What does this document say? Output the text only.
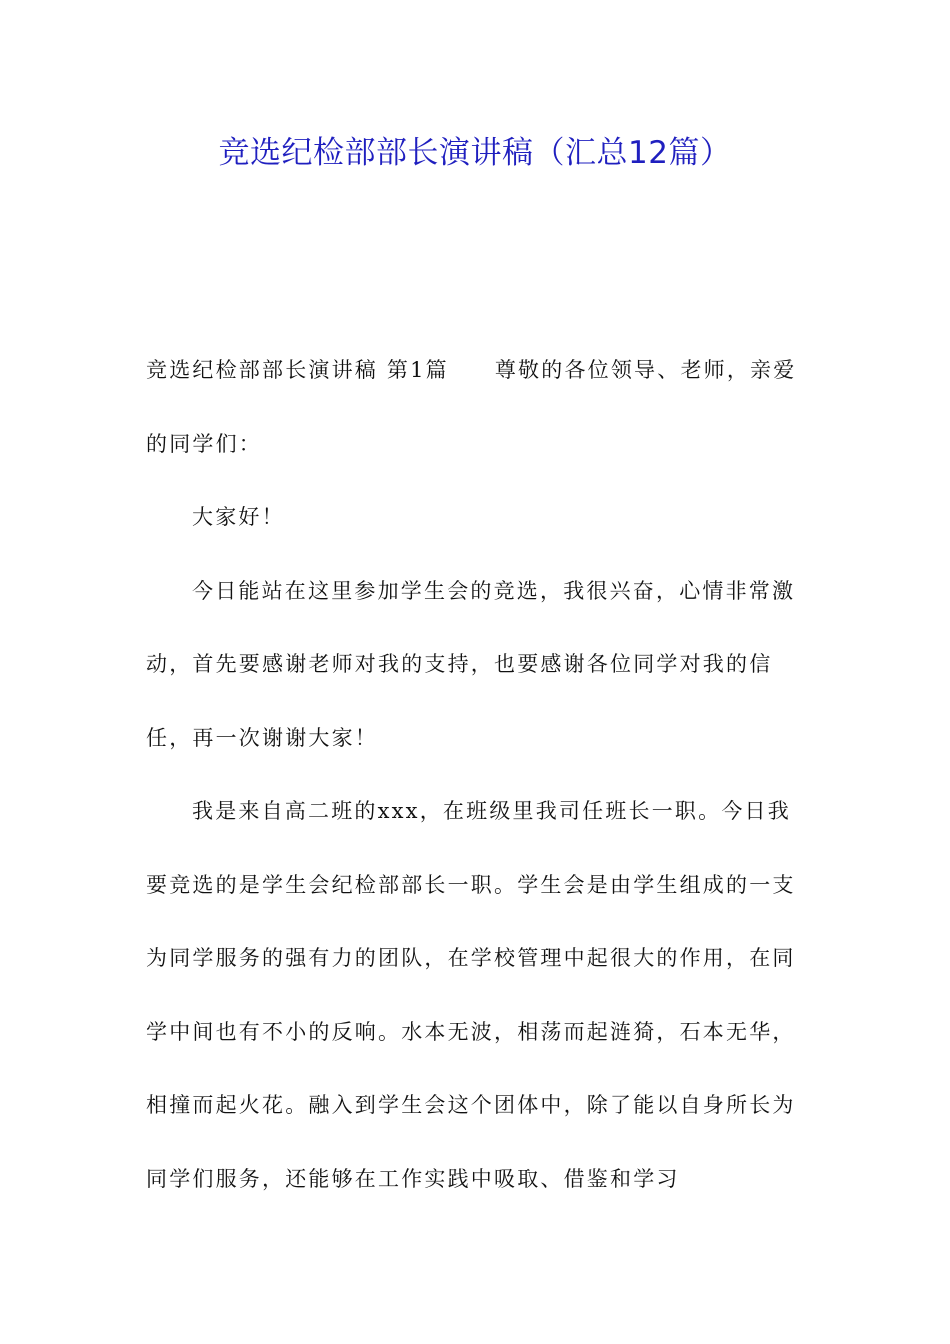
竞选纪检部部长演讲稿（汇总12篇）

竞选纪检部部长演讲稿 第1篇 尊敬的各位领导、老师，亲爱的同学们：

大家好！

今日能站在这里参加学生会的竞选，我很兴奋，心情非常激动，首先要感谢老师对我的支持，也要感谢各位同学对我的信任，再一次谢谢大家！

我是来自高二班的xxx，在班级里我司任班长一职。今日我要竞选的是学生会纪检部部长一职。学生会是由学生组成的一支为同学服务的强有力的团队，在学校管理中起很大的作用，在同学中间也有不小的反响。水本无波，相荡而起涟猗，石本无华，相撞而起火花。融入到学生会这个团体中，除了能以自身所长为同学们服务，还能够在工作实践中吸取、借鉴和学习
